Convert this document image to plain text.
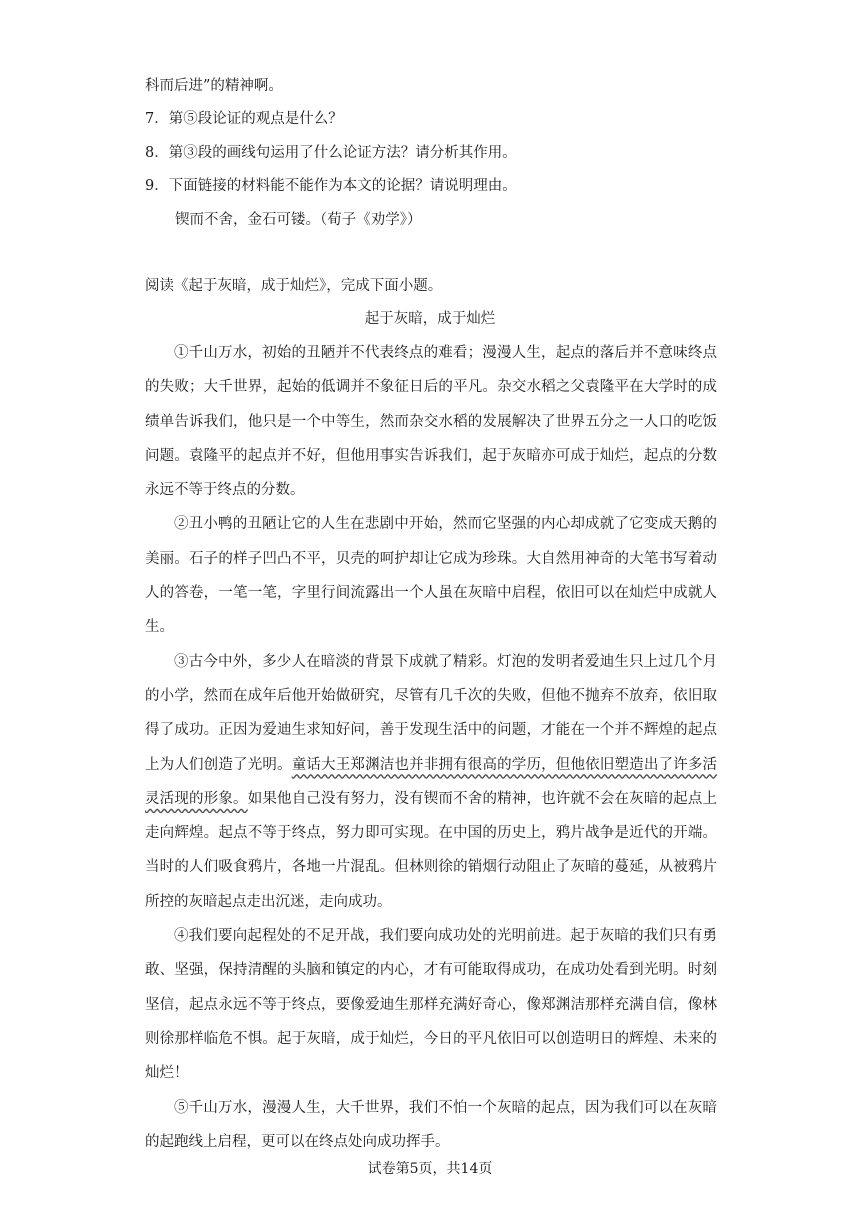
科而后进”的精神啊。
7．第⑤段论证的观点是什么？
8．第③段的画线句运用了什么论证方法？请分析其作用。
9．下面链接的材料能不能作为本文的论据？请说明理由。
锲而不舍，金石可镂。（荀子《劝学》）
阅读《起于灰暗，成于灿烂》，完成下面小题。
起于灰暗，成于灿烂

①千山万水，初始的丑陋并不代表终点的难看；漫漫人生，起点的落后并不意味终点的失败；大千世界，起始的低调并不象征日后的平凡。杂交水稻之父袁隆平在大学时的成绩单告诉我们，他只是一个中等生，然而杂交水稻的发展解决了世界五分之一人口的吃饭问题。袁隆平的起点并不好，但他用事实告诉我们，起于灰暗亦可成于灿烂，起点的分数永远不等于终点的分数。

②丑小鸭的丑陋让它的人生在悲剧中开始，然而它坚强的内心却成就了它变成天鹅的美丽。石子的样子凹凸不平，贝壳的呵护却让它成为珍珠。大自然用神奇的大笔书写着动人的答卷，一笔一笔，字里行间流露出一个人虽在灰暗中启程，依旧可以在灿烂中成就人生。

③古今中外，多少人在暗淡的背景下成就了精彩。灯泡的发明者爱迪生只上过几个月的小学，然而在成年后他开始做研究，尽管有几千次的失败，但他不抛弃不放弃，依旧取得了成功。正因为爱迪生求知好问，善于发现生活中的问题，才能在一个并不辉煌的起点上为人们创造了光明。童话大王郑渊洁也并非拥有很高的学历，但他依旧塑造出了许多活灵活现的形象。如果他自己没有努力，没有锲而不舍的精神，也许就不会在灰暗的起点上走向辉煌。起点不等于终点，努力即可实现。在中国的历史上，鸦片战争是近代的开端。当时的人们吸食鸦片，各地一片混乱。但林则徐的销烟行动阻止了灰暗的蔓延，从被鸦片所控的灰暗起点走出沉迷，走向成功。

④我们要向起程处的不足开战，我们要向成功处的光明前进。起于灰暗的我们只有勇敢、坚强，保持清醒的头脑和镇定的内心，才有可能取得成功，在成功处看到光明。时刻坚信，起点永远不等于终点，要像爱迪生那样充满好奇心，像郑渊洁那样充满自信，像林则徐那样临危不惧。起于灰暗，成于灿烂，今日的平凡依旧可以创造明日的辉煌、未来的灿烂！

⑤千山万水，漫漫人生，大千世界，我们不怕一个灰暗的起点，因为我们可以在灰暗的起跑线上启程，更可以在终点处向成功挥手。

试卷第5页，共14页
